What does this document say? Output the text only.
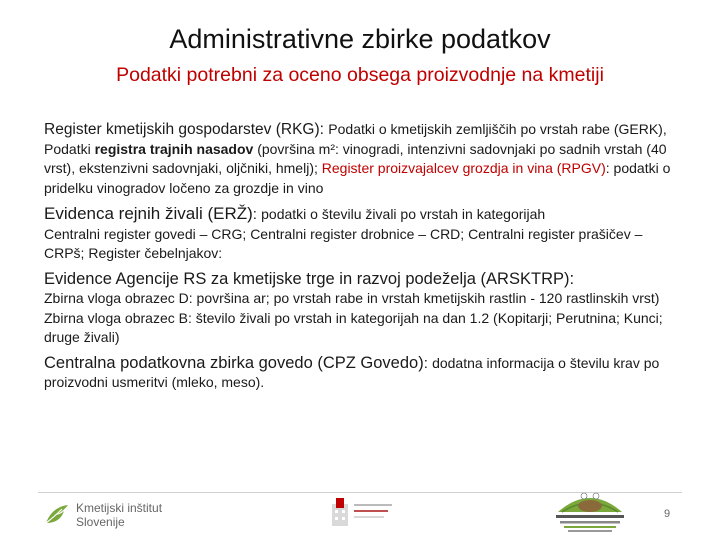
Administrativne zbirke podatkov
Podatki potrebni za oceno obsega proizvodnje na kmetiji

Register kmetijskih gospodarstev (RKG): Podatki o kmetijskih zemljiščih po vrstah rabe (GERK), Podatki registra trajnih nasadov (površina m²: vinogradi, intenzivni sadovnjaki po sadnih vrstah (40 vrst), ekstenzivni sadovnjaki, oljčniki, hmelj); Register proizvajalcev grozdja in vina (RPGV): podatki o pridelku vinogradov ločeno za grozdje in vino

Evidenca rejnih živali (ERŽ): podatki o številu živali po vrstah in kategorijah

Centralni register govedi – CRG; Centralni register drobnice – CRD; Centralni register prašičev – CRPš; Register čebelnjakov:

Evidence Agencije RS za kmetijske trge in razvoj podeželja (ARSKTRP):

Zbirna vloga obrazec D: površina ar; po vrstah rabe in vrstah kmetijskih rastlin - 120 rastlinskih vrst)

Zbirna vloga obrazec B: število živali po vrstah in kategorijah na dan 1.2 (Kopitarji; Perutnina; Kunci; druge živali)

Centralna podatkovna zbirka govedo (CPZ Govedo): dodatna informacija o številu krav po proizvodni usmeritvi (mleko, meso).

Kmetijski inštitut Slovenije
9
